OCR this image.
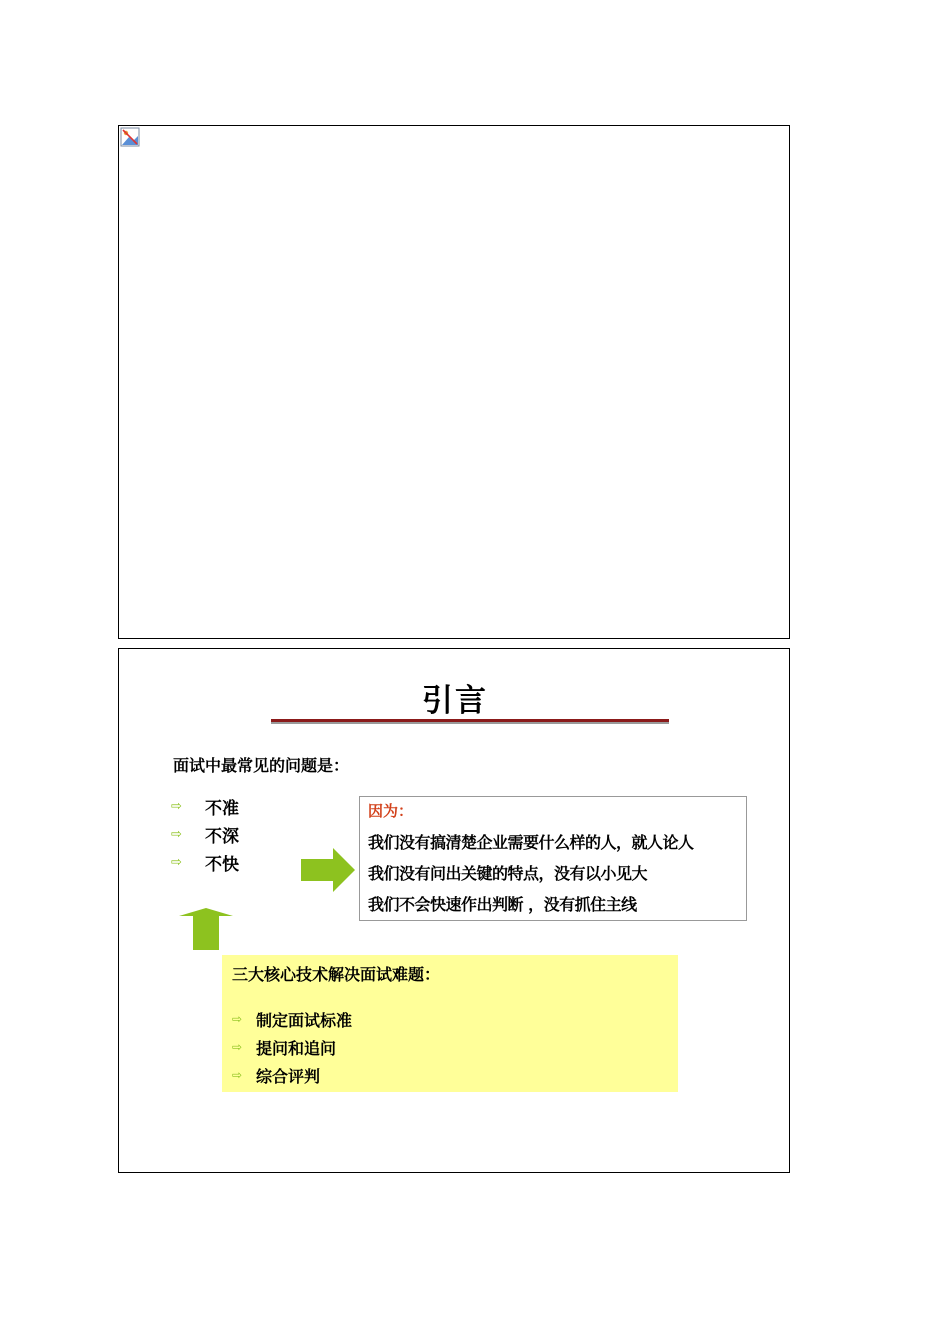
引言
面试中最常见的问题是：
⇨	不准
⇨	不深
⇨	不快
因为：
我们没有搞清楚企业需要什么样的人，就人论人
我们没有问出关键的特点，没有以小见大
我们不会快速作出判断 ，没有抓住主线
三大核心技术解决面试难题：
⇨ 制定面试标准
⇨ 提问和追问
⇨ 综合评判
